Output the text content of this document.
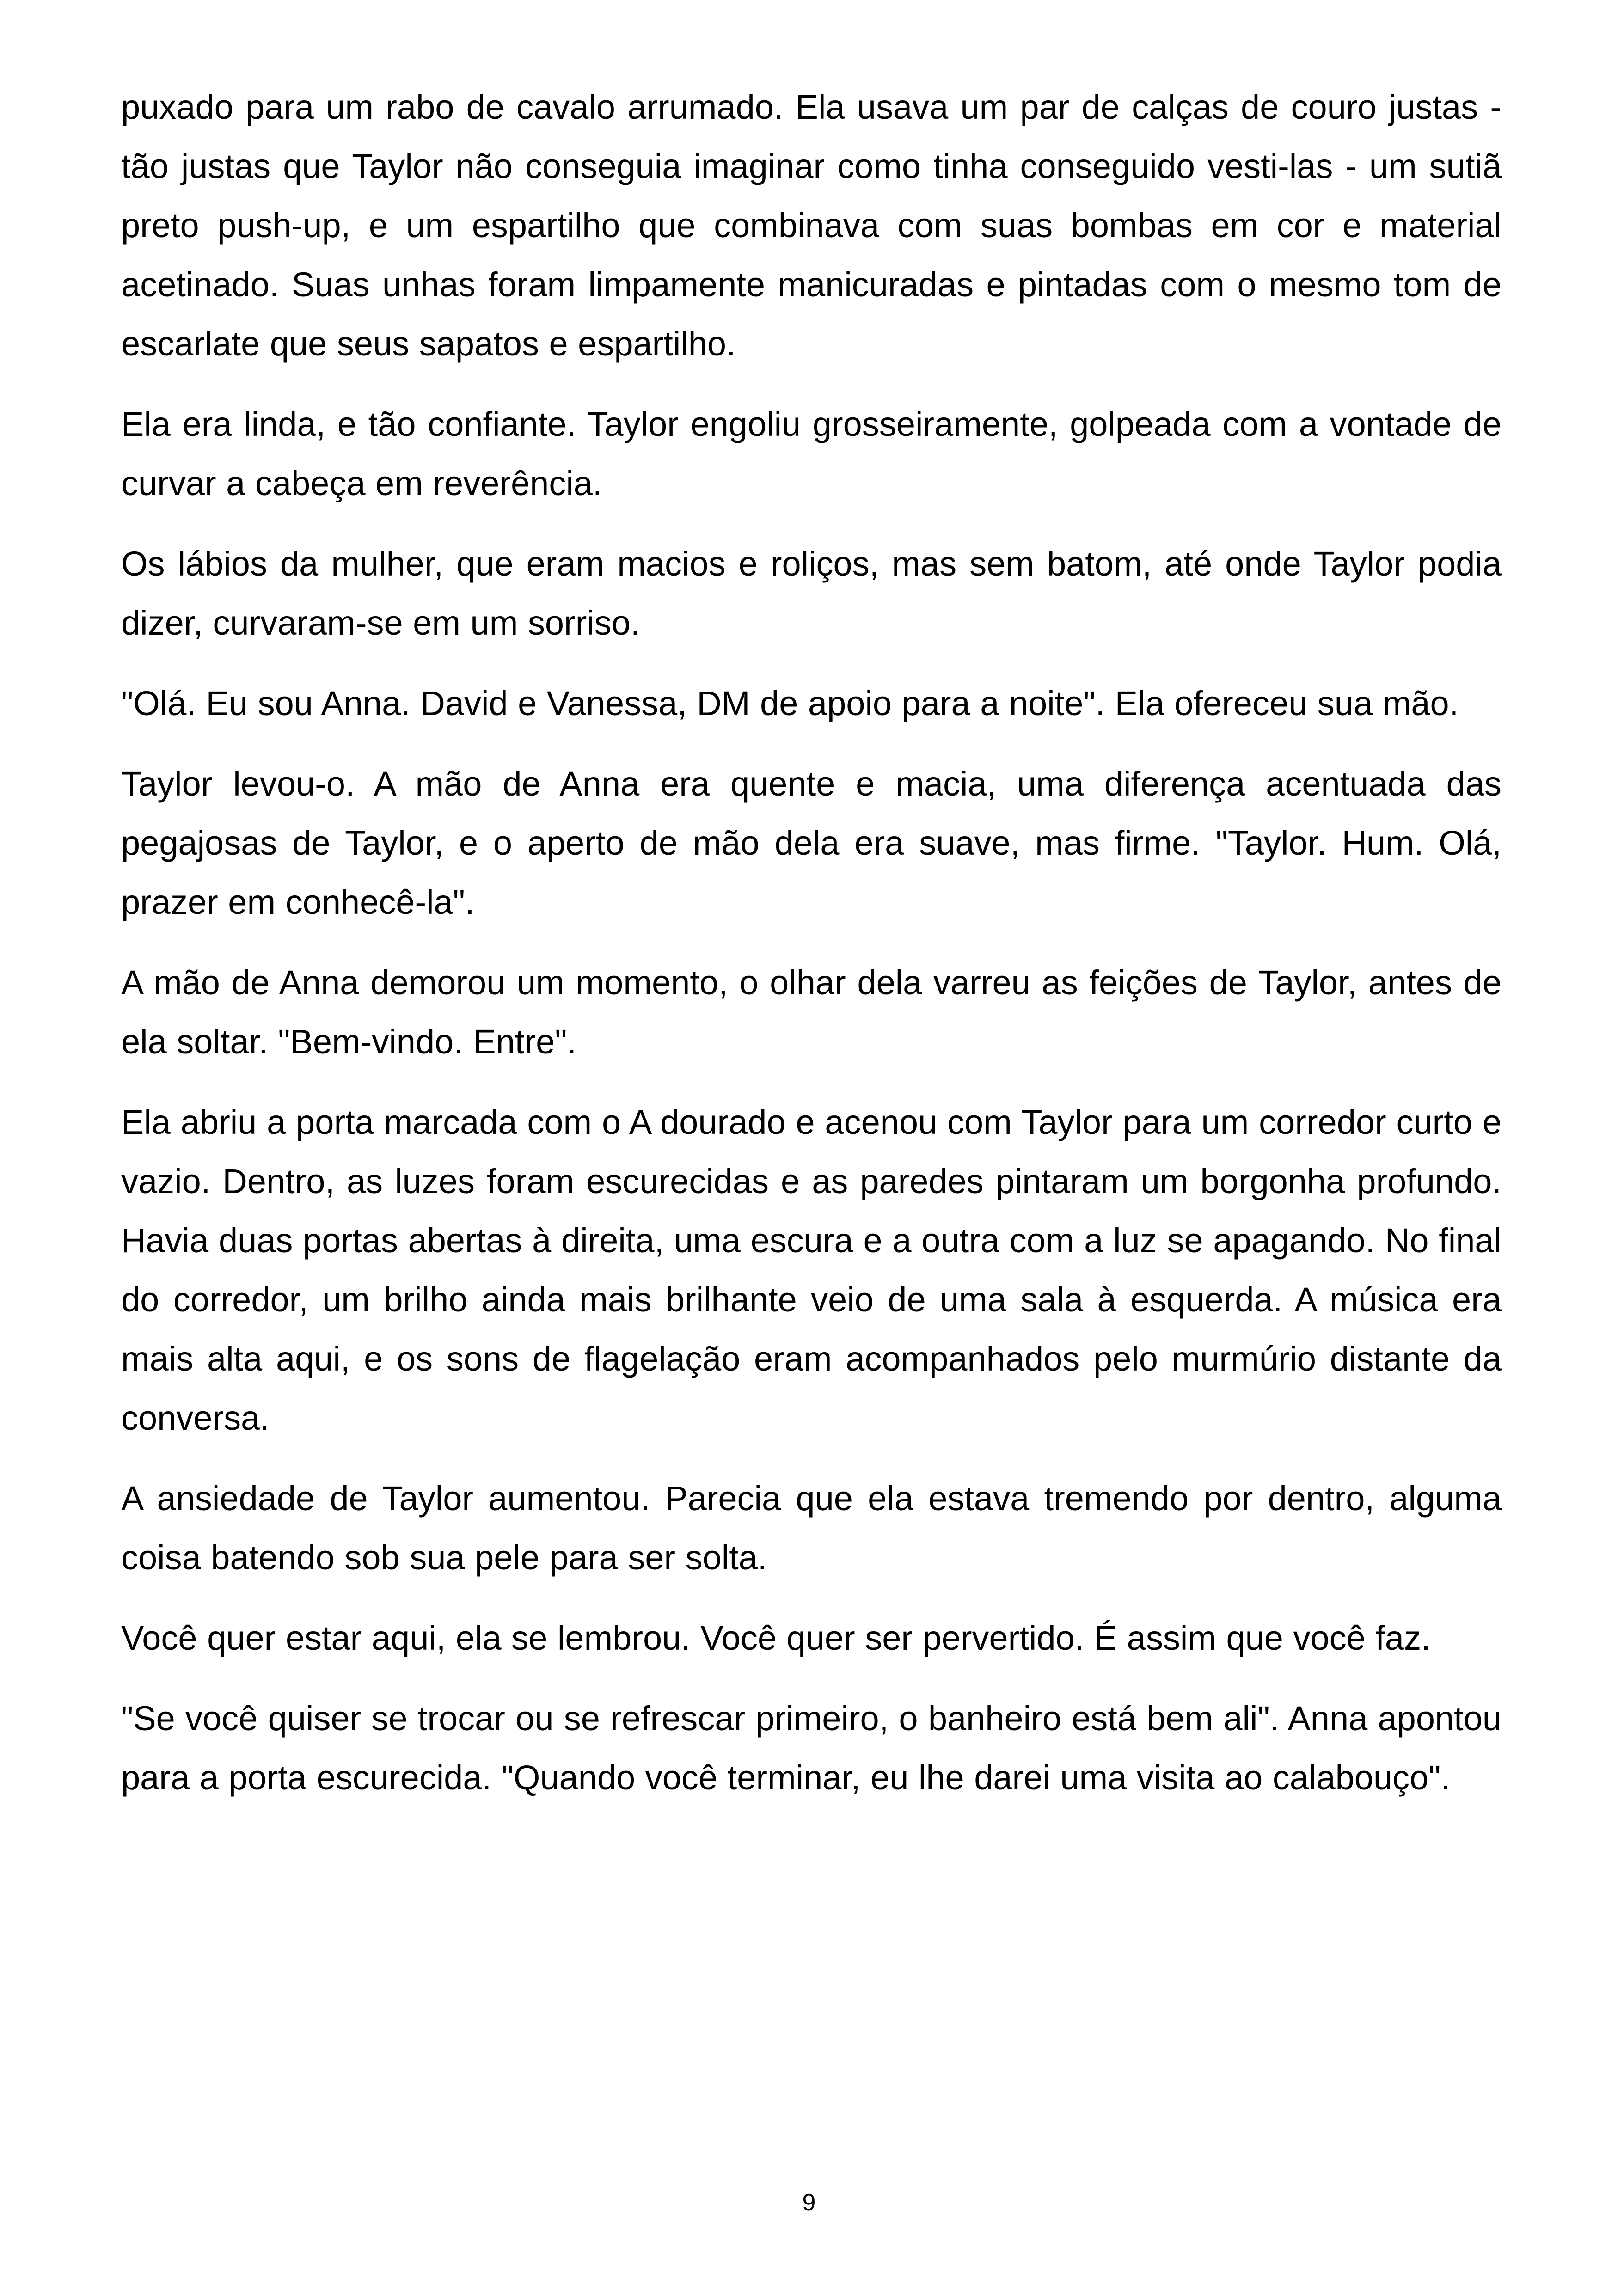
puxado para um rabo de cavalo arrumado. Ela usava um par de calças de couro justas - tão justas que Taylor não conseguia imaginar como tinha conseguido vesti-las - um sutiã preto push-up, e um espartilho que combinava com suas bombas em cor e material acetinado. Suas unhas foram limpamente manicuradas e pintadas com o mesmo tom de escarlate que seus sapatos e espartilho.

Ela era linda, e tão confiante. Taylor engoliu grosseiramente, golpeada com a vontade de curvar a cabeça em reverência.

Os lábios da mulher, que eram macios e roliços, mas sem batom, até onde Taylor podia dizer, curvaram-se em um sorriso.

"Olá. Eu sou Anna. David e Vanessa, DM de apoio para a noite". Ela ofereceu sua mão.

Taylor levou-o. A mão de Anna era quente e macia, uma diferença acentuada das pegajosas de Taylor, e o aperto de mão dela era suave, mas firme. "Taylor. Hum. Olá, prazer em conhecê-la".

A mão de Anna demorou um momento, o olhar dela varreu as feições de Taylor, antes de ela soltar. "Bem-vindo. Entre".

Ela abriu a porta marcada com o A dourado e acenou com Taylor para um corredor curto e vazio. Dentro, as luzes foram escurecidas e as paredes pintaram um borgonha profundo. Havia duas portas abertas à direita, uma escura e a outra com a luz se apagando. No final do corredor, um brilho ainda mais brilhante veio de uma sala à esquerda. A música era mais alta aqui, e os sons de flagelação eram acompanhados pelo murmúrio distante da conversa.

A ansiedade de Taylor aumentou. Parecia que ela estava tremendo por dentro, alguma coisa batendo sob sua pele para ser solta.

Você quer estar aqui, ela se lembrou. Você quer ser pervertido. É assim que você faz.

"Se você quiser se trocar ou se refrescar primeiro, o banheiro está bem ali". Anna apontou para a porta escurecida. "Quando você terminar, eu lhe darei uma visita ao calabouço".

9
